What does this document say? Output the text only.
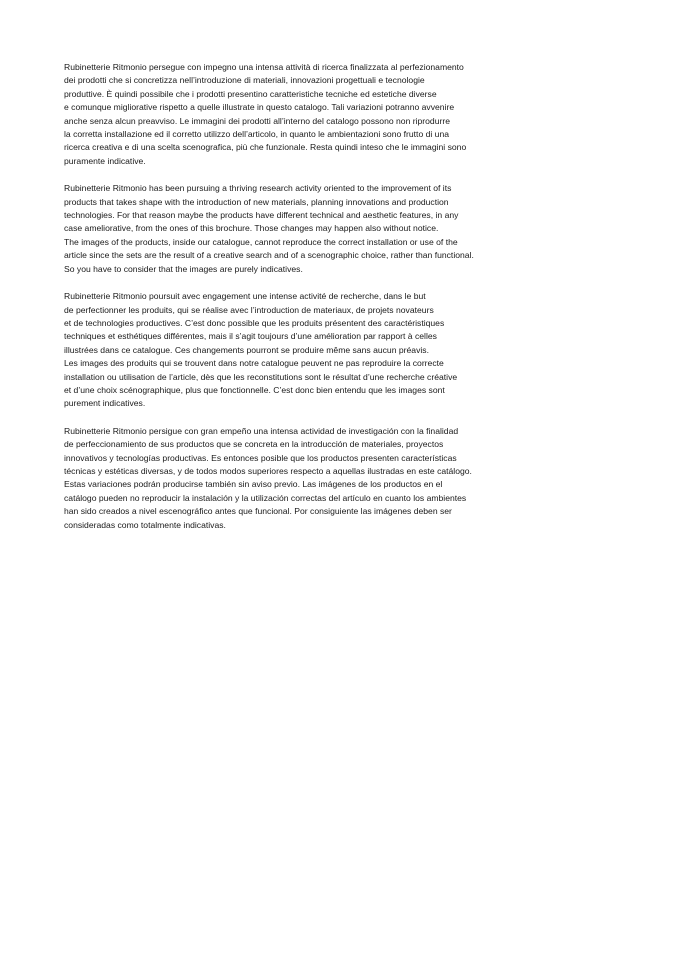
Rubinetterie Ritmonio persegue con impegno una intensa attività di ricerca finalizzata al perfezionamento
dei prodotti che si concretizza nell’introduzione di materiali, innovazioni progettuali e tecnologie
produttive. È quindi possibile che i prodotti presentino caratteristiche tecniche ed estetiche diverse
e comunque migliorative rispetto a quelle illustrate in questo catalogo. Tali variazioni potranno avvenire
anche senza alcun preavviso. Le immagini dei prodotti all’interno del catalogo possono non riprodurre
la corretta installazione ed il corretto utilizzo dell’articolo, in quanto le ambientazioni sono frutto di una
ricerca creativa e di una scelta scenografica, più che funzionale. Resta quindi inteso che le immagini sono
puramente indicative.

Rubinetterie Ritmonio has been pursuing a thriving research activity oriented to the improvement of its
products that takes shape with the introduction of new materials, planning innovations and production
technologies. For that reason maybe the products have different technical and aesthetic features, in any
case ameliorative, from the ones of this brochure. Those changes may happen also without notice.
The images of the products, inside our catalogue, cannot reproduce the correct installation or use of the
article since the sets are the result of a creative search and of a scenographic choice, rather than functional.
So you have to consider that the images are purely indicatives.

Rubinetterie Ritmonio poursuit avec engagement une intense activité de recherche, dans le but
de perfectionner les produits, qui se réalise avec l’introduction de materiaux, de projets novateurs
et de technologies productives. C’est donc possible que les produits présentent des caractéristiques
techniques et esthétiques différentes, mais il s’agit toujours d’une amélioration par rapport à celles
illustrées dans ce catalogue. Ces changements pourront se produire même sans aucun préavis.
Les images des produits qui se trouvent dans notre catalogue peuvent ne pas reproduire la correcte
installation ou utilisation de l’article, dès que les reconstitutions sont le résultat d’une recherche créative
et d’une choix scénographique, plus que fonctionnelle. C’est donc bien entendu que les images sont
purement indicatives.

Rubinetterie Ritmonio persigue con gran empeño una intensa actividad de investigación con la finalidad
de perfeccionamiento de sus productos que se concreta en la introducción de materiales, proyectos
innovativos y tecnologías productivas. Es entonces posible que los productos presenten características
técnicas y estéticas diversas, y de todos modos superiores respecto a aquellas ilustradas en este catálogo.
Estas variaciones podrán producirse también sin aviso previo. Las imágenes de los productos en el
catálogo pueden no reproducir la instalación y la utilización correctas del artículo en cuanto los ambientes
han sido creados a nivel escenográfico antes que funcional. Por consiguiente las imágenes deben ser
consideradas como totalmente indicativas.
